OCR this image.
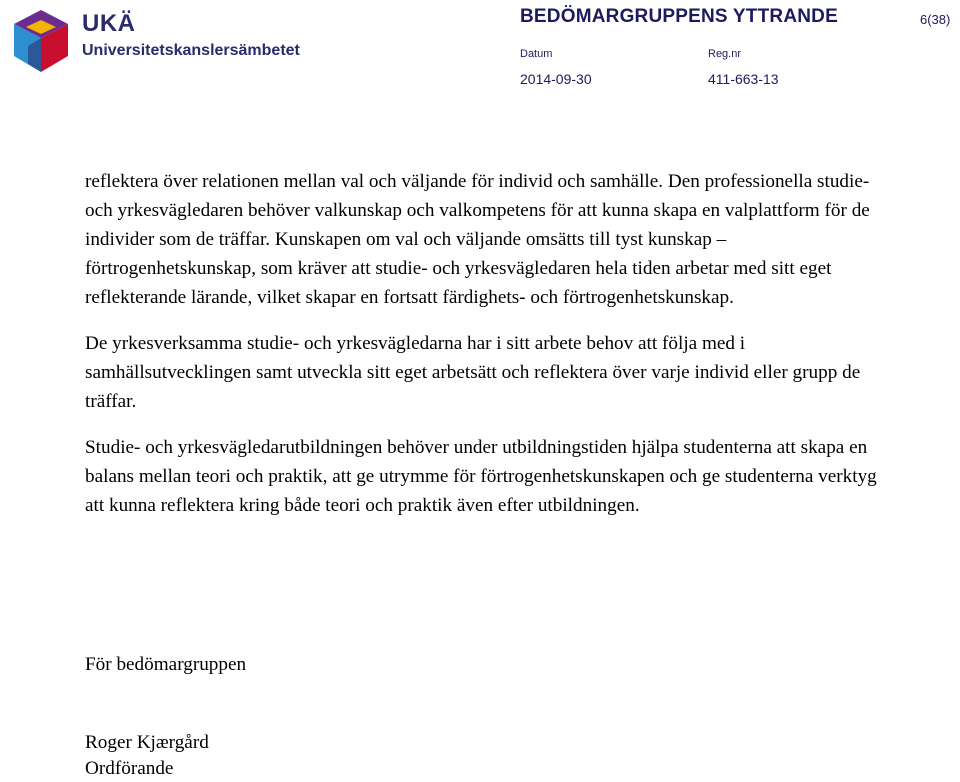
UKÄ
Universitetskanslersämbetet
BEDÖMARGRUPPENS YTTRANDE	6(38)
Datum	Reg.nr
2014-09-30	411-663-13

reflektera över relationen mellan val och väljande för individ och samhälle. Den professionella studie- och yrkesvägledaren behöver valkunskap och valkompetens för att kunna skapa en valplattform för de individer som de träffar. Kunskapen om val och väljande omsätts till tyst kunskap – förtrogenhetskunskap, som kräver att studie- och yrkesvägledaren hela tiden arbetar med sitt eget reflekterande lärande, vilket skapar en fortsatt färdighets- och förtrogenhetskunskap.

De yrkesverksamma studie- och yrkesvägledarna har i sitt arbete behov att följa med i samhällsutvecklingen samt utveckla sitt eget arbetsätt och reflektera över varje individ eller grupp de träffar.

Studie- och yrkesvägledarutbildningen behöver under utbildningstiden hjälpa studenterna att skapa en balans mellan teori och praktik, att ge utrymme för förtrogenhetskunskapen och ge studenterna verktyg att kunna reflektera kring både teori och praktik även efter utbildningen.

För bedömargruppen
Roger Kjærgård
Ordförande
